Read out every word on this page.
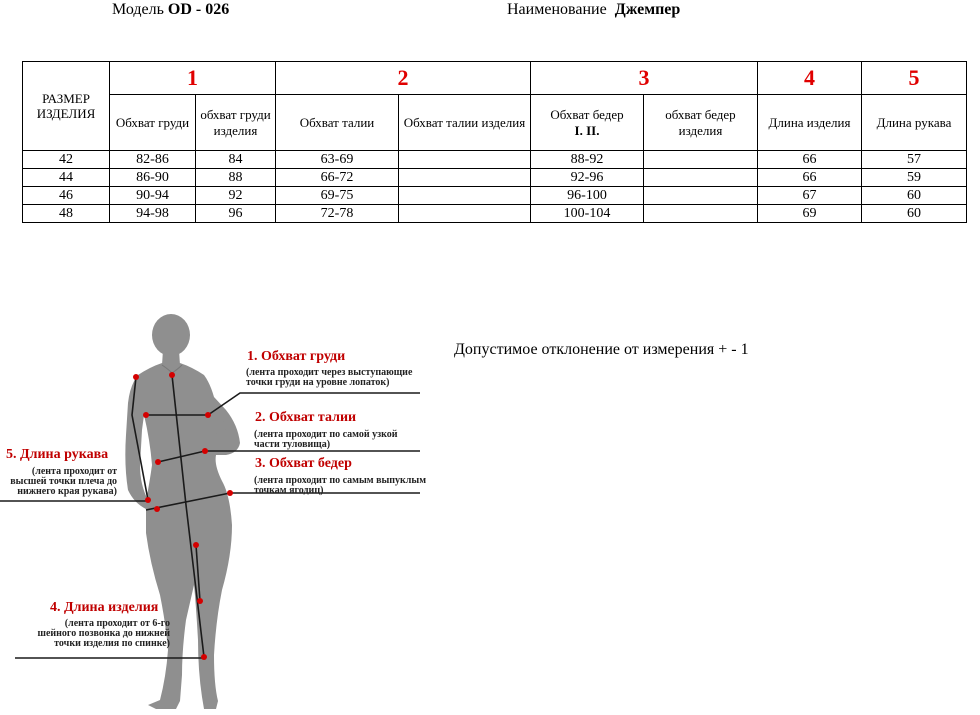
Модель OD - 026	Наименование Джемпер
РАЗМЕР ИЗДЕЛИЯ	1		2		3		4	5
	Обхват груди	обхват груди изделия	Обхват талии	Обхват талии изделия	Обхват бедер
I. II.	обхват бедер изделия	Длина изделия	Длина рукава
42	82-86	84	63-69		88-92		66	57
44	86-90	88	66-72		92-96		66	59
46	90-94	92	69-75		96-100		67	60
48	94-98	96	72-78		100-104		69	60
Допустимое отклонение от измерения + - 1
1. Обхват груди
(лента проходит через выступающие
точки груди на уровне лопаток)
2. Обхват талии
(лента проходит по самой узкой
части туловища)
3. Обхват бедер
(лента проходит по самым выпуклым
точкам ягодиц)
5. Длина рукава
(лента проходит от
высшей точки плеча до
нижнего края рукава)
4. Длина изделия
(лента проходит от 6-го
шейного позвонка до нижней
точки изделия по спинке)
